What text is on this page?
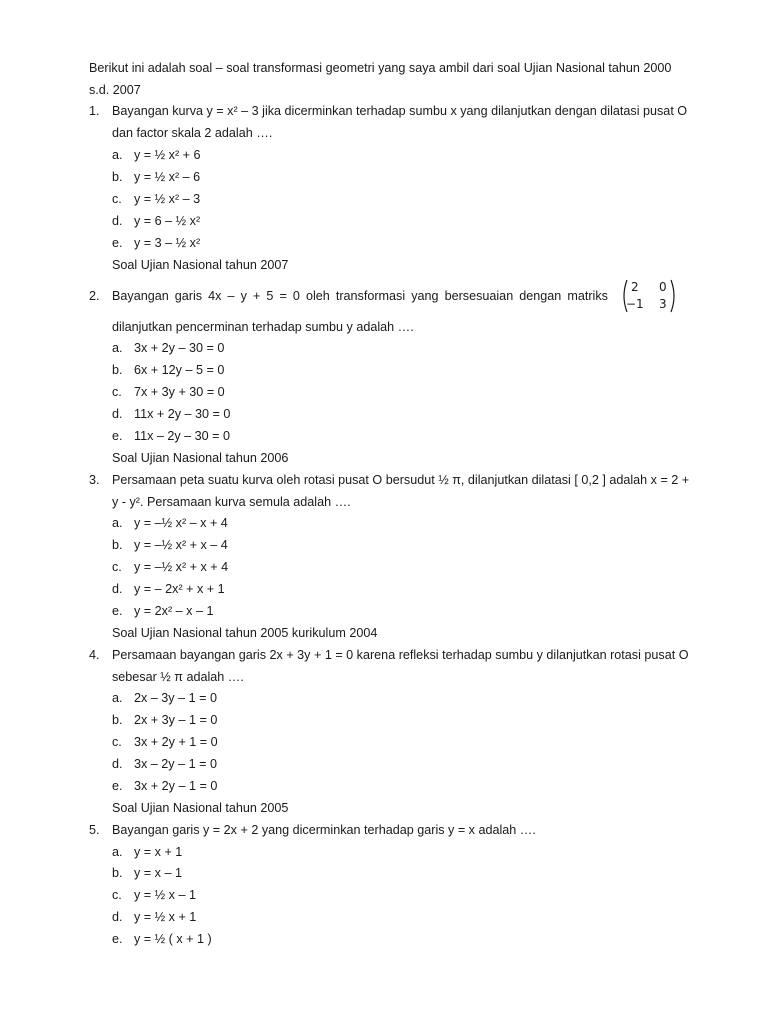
Berikut ini adalah soal – soal transformasi geometri yang saya ambil dari soal Ujian Nasional tahun 2000
s.d. 2007
1. Bayangan kurva y = x² – 3 jika dicerminkan terhadap sumbu x yang dilanjutkan dengan dilatasi pusat O
dan factor skala 2 adalah ….
a. y = ½ x² + 6
b. y = ½ x² – 6
c. y = ½ x² – 3
d. y = 6 – ½ x²
e. y = 3 – ½ x²
Soal Ujian Nasional tahun 2007
2. Bayangan garis 4x – y + 5 = 0 oleh transformasi yang bersesuaian dengan matriks
2 0
−1 3
dilanjutkan pencerminan terhadap sumbu y adalah ….
a. 3x + 2y – 30 = 0
b. 6x + 12y – 5 = 0
c. 7x + 3y + 30 = 0
d. 11x + 2y – 30 = 0
e. 11x – 2y – 30 = 0
Soal Ujian Nasional tahun 2006
3. Persamaan peta suatu kurva oleh rotasi pusat O bersudut ½ π, dilanjutkan dilatasi [ 0,2 ] adalah x = 2 +
y - y². Persamaan kurva semula adalah ….
a. y = –½ x² – x + 4
b. y = –½ x² + x – 4
c. y = –½ x² + x + 4
d. y = – 2x² + x + 1
e. y = 2x² – x – 1
Soal Ujian Nasional tahun 2005 kurikulum 2004
4. Persamaan bayangan garis 2x + 3y + 1 = 0 karena refleksi terhadap sumbu y dilanjutkan rotasi pusat O
sebesar ½ π adalah ….
a. 2x – 3y – 1 = 0
b. 2x + 3y – 1 = 0
c. 3x + 2y + 1 = 0
d. 3x – 2y – 1 = 0
e. 3x + 2y – 1 = 0
Soal Ujian Nasional tahun 2005
5. Bayangan garis y = 2x + 2 yang dicerminkan terhadap garis y = x adalah ….
a. y = x + 1
b. y = x – 1
c. y = ½ x – 1
d. y = ½ x + 1
e. y = ½ ( x + 1 )
